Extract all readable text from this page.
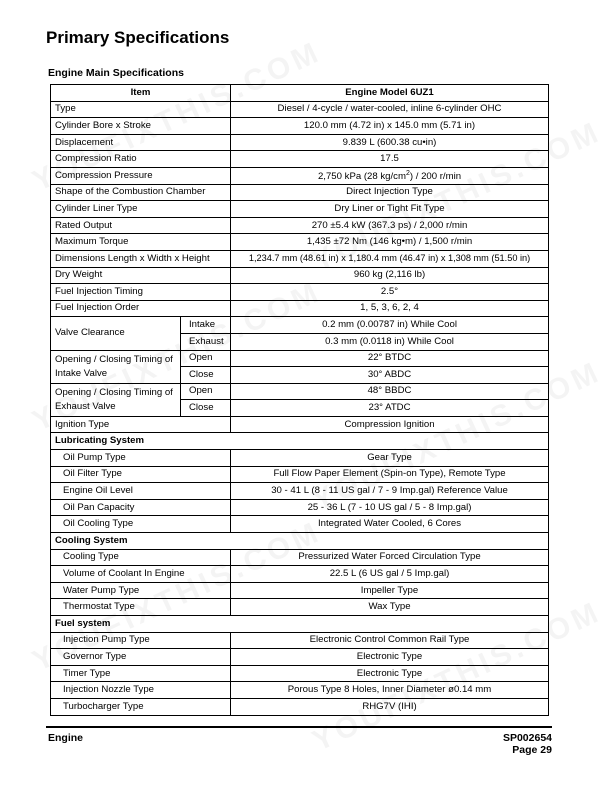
Primary Specifications
Engine Main Specifications
Item		Engine Model 6UZ1
Type		Diesel / 4-cycle / water-cooled, inline 6-cylinder OHC
Cylinder Bore x Stroke		120.0 mm (4.72 in) x 145.0 mm (5.71 in)
Displacement		9.839 L (600.38 cu•in)
Compression Ratio		17.5
Compression Pressure		2,750 kPa (28 $kg/cm^2) / 200$ r/min
Shape of the Combustion Chamber		Direct Injection Type
Cylinder Liner Type		Dry Liner or Tight Fit Type
Rated Output		270 ±5.4 kW (367.3 ps) / 2,000 r/min
Maximum Torque		1,435 ±72 Nm (146 kg•m) / 1,500 r/min
Dimensions Length x Width x Height		1,234.7 mm (48.61 in) x 1,180.4 mm (46.47 in) x 1,308 mm (51.50 in)
Dry Weight		960 kg (2,116 lb)
Fuel Injection Timing		2.5°
Fuel Injection Order		1, 5, 3, 6, 2, 4
Valve Clearance	Intake	0.2 mm (0.00787 in) While Cool
	Exhaust	0.3 mm (0.0118 in) While Cool
Opening / Closing Timing of Intake Valve	Open	22° BTDC
	Close	30° ABDC
Opening / Closing Timing of Exhaust Valve	Open	48° BBDC
	Close	23° ATDC
Ignition Type		Compression Ignition
Lubricating System		
Oil Pump Type		Gear Type
Oil Filter Type		Full Flow Paper Element (Spin-on Type), Remote Type
Engine Oil Level		30 - 41 L (8 - 11 US gal / 7 - 9 Imp.gal) Reference Value
Oil Pan Capacity		25 - 36 L (7 - 10 US gal / 5 - 8 Imp.gal)
Oil Cooling Type		Integrated Water Cooled, 6 Cores
Cooling System		
Cooling Type		Pressurized Water Forced Circulation Type
Volume of Coolant In Engine		22.5 L (6 US gal / 5 Imp.gal)
Water Pump Type		Impeller Type
Thermostat Type		Wax Type
Fuel system		
Injection Pump Type		Electronic Control Common Rail Type
Governor Type		Electronic Type
Timer Type		Electronic Type
Injection Nozzle Type		Porous Type 8 Holes, Inner Diameter ø0.14 mm
Turbocharger Type		RHG7V (IHI)
Engine	SP002654
Page 29
